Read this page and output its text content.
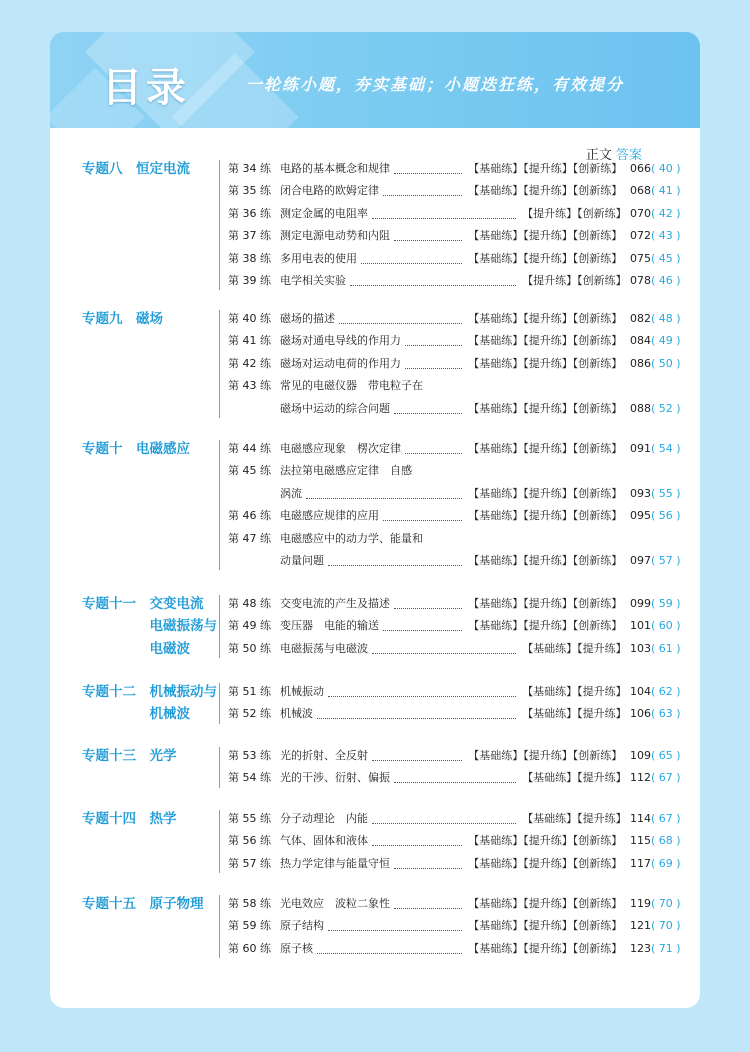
目录	一轮练小题，夯实基础；小题迭狂练，有效提分
正文 答案
专题八　恒定电流	第 34 练 电路的基本概念和规律	【基础练】【提升练】【创新练】 066( 40 )
第 35 练 闭合电路的欧姆定律	【基础练】【提升练】【创新练】 068( 41 )
第 36 练 测定金属的电阻率	【提升练】【创新练】 070( 42 )
第 37 练 测定电源电动势和内阻	【基础练】【提升练】【创新练】 072( 43 )
第 38 练 多用电表的使用	【基础练】【提升练】【创新练】 075( 45 )
第 39 练 电学相关实验	【提升练】【创新练】 078( 46 )
专题九　磁场	第 40 练 磁场的描述	【基础练】【提升练】【创新练】 082( 48 )
第 41 练 磁场对通电导线的作用力	【基础练】【提升练】【创新练】 084( 49 )
第 42 练 磁场对运动电荷的作用力	【基础练】【提升练】【创新练】 086( 50 )
第 43 练 常见的电磁仪器　带电粒子在
磁场中运动的综合问题	【基础练】【提升练】【创新练】 088( 52 )
专题十　电磁感应	第 44 练 电磁感应现象　楞次定律	【基础练】【提升练】【创新练】 091( 54 )
第 45 练 法拉第电磁感应定律　自感
涡流	【基础练】【提升练】【创新练】 093( 55 )
第 46 练 电磁感应规律的应用	【基础练】【提升练】【创新练】 095( 56 )
第 47 练 电磁感应中的动力学、能量和
动量问题	【基础练】【提升练】【创新练】 097( 57 )
专题十一　交变电流
　　　　　电磁振荡与
　　　　　电磁波
第 48 练 交变电流的产生及描述	【基础练】【提升练】【创新练】 099( 59 )
第 49 练 变压器　电能的输送	【基础练】【提升练】【创新练】 101( 60 )
第 50 练 电磁振荡与电磁波	【基础练】【提升练】 103( 61 )
专题十二　机械振动与
　　　　　机械波
第 51 练 机械振动	【基础练】【提升练】 104( 62 )
第 52 练 机械波	【基础练】【提升练】 106( 63 )
专题十三　光学	第 53 练 光的折射、全反射	【基础练】【提升练】【创新练】 109( 65 )
第 54 练 光的干涉、衍射、偏振	【基础练】【提升练】 112( 67 )
专题十四　热学	第 55 练 分子动理论　内能	【基础练】【提升练】 114( 67 )
第 56 练 气体、固体和液体	【基础练】【提升练】【创新练】 115( 68 )
第 57 练 热力学定律与能量守恒	【基础练】【提升练】【创新练】 117( 69 )
专题十五　原子物理 第 58 练 光电效应　波粒二象性	【基础练】【提升练】【创新练】 119( 70 )
第 59 练 原子结构	【基础练】【提升练】【创新练】 121( 70 )
第 60 练 原子核	【基础练】【提升练】【创新练】 123( 71 )
